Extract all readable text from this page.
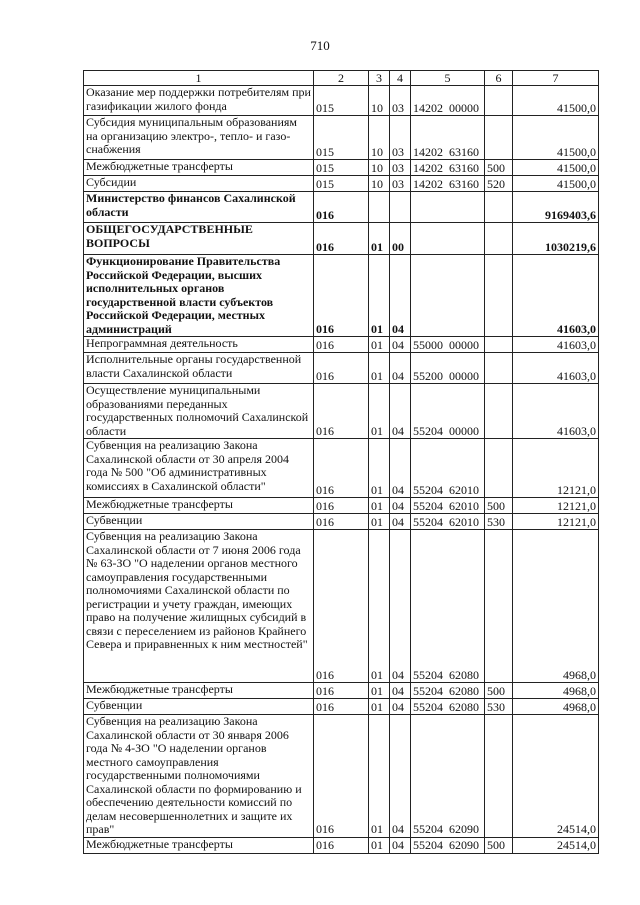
710
1	2	3	4	5	6	7
Оказание мер поддержки потребителям при газификации жилого фонда	015	10	03	14202  00000		41500,0
Субсидия муниципальным образованиям на организацию электро-, тепло- и газо-снабжения	015	10	03	14202  63160		41500,0
Межбюджетные трансферты	015	10	03	14202  63160	500	41500,0
Субсидии	015	10	03	14202  63160	520	41500,0
Министерство финансов Сахалинской области	016					9169403,6
ОБЩЕГОСУДАРСТВЕННЫЕ ВОПРОСЫ	016	01	00			1030219,6
Функционирование Правительства Российской Федерации, высших исполнительных органов государственной власти субъектов Российской Федерации, местных администраций	016	01	04			41603,0
Непрограммная деятельность	016	01	04	55000  00000		41603,0
Исполнительные органы государственной власти Сахалинской области	016	01	04	55200  00000		41603,0
Осуществление муниципальными образованиями переданных государственных полномочий Сахалинской области	016	01	04	55204  00000		41603,0
Субвенция на реализацию Закона Сахалинской области от 30 апреля 2004 года № 500 "Об административных комиссиях в Сахалинской области"	016	01	04	55204  62010		12121,0
Межбюджетные трансферты	016	01	04	55204  62010	500	12121,0
Субвенции	016	01	04	55204  62010	530	12121,0
Субвенция на реализацию Закона Сахалинской области от 7 июня 2006 года № 63-ЗО "О наделении органов местного самоуправления государственными полномочиями Сахалинской области по регистрации и учету граждан, имеющих право на получение жилищных субсидий в связи с переселением из районов Крайнего Севера и приравненных к ним местностей"	016	01	04	55204  62080		4968,0
Межбюджетные трансферты	016	01	04	55204  62080	500	4968,0
Субвенции	016	01	04	55204  62080	530	4968,0
Субвенция на реализацию Закона Сахалинской области от 30 января 2006 года № 4-ЗО "О наделении органов местного самоуправления государственными полномочиями Сахалинской области по формированию и обеспечению деятельности комиссий по делам несовершеннолетних и защите их прав"	016	01	04	55204  62090		24514,0
Межбюджетные трансферты	016	01	04	55204  62090	500	24514,0
